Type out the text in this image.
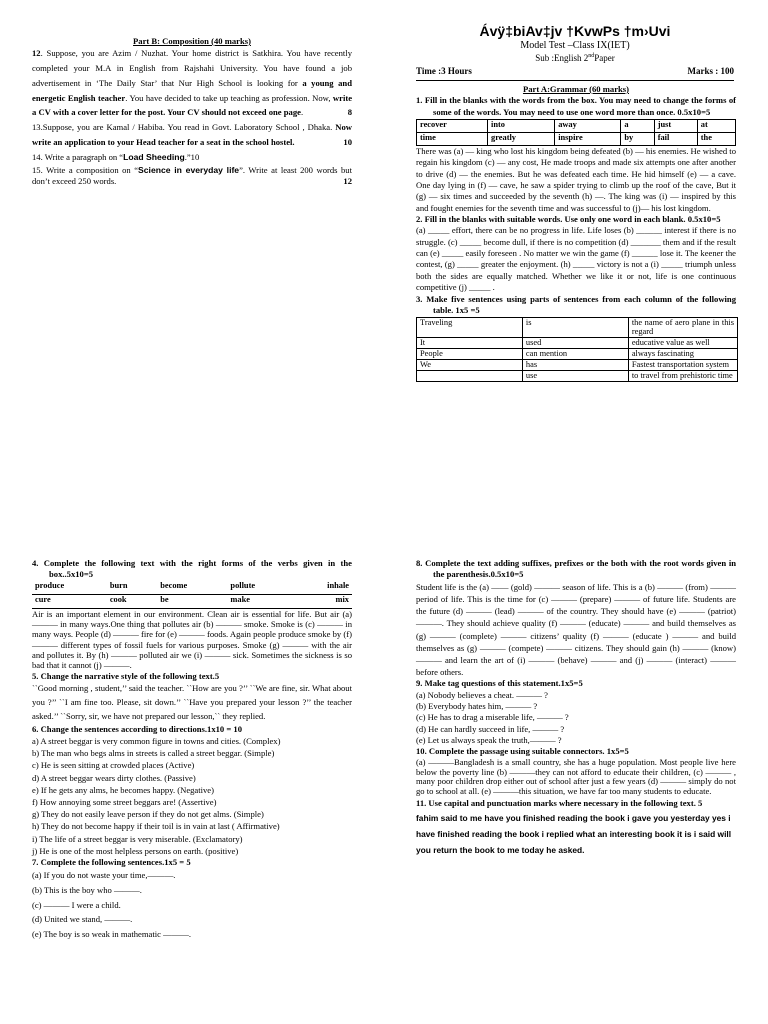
Ávÿ‡biAv‡jv †KvwPs †m›Uvi
Model Test –Class IX(IET)
Sub :English 2ndPaper
Time :3 Hours	Marks : 100
Part A:Grammar (60 marks)

1. Fill in the blanks with the words from the box. You may need to change the forms of some of the words. You may need to use one word more than once. 0.5x10=5

recover	into	away	a	just	at
time	greatly	inspire	by	fail	the

There was (a) — king who lost his kingdom being defeated (b) — his enemies. He wished to regain his kingdom (c) — any cost, He made troops and made six attempts one after another to drive (d) — the enemies. But he was defeated each time. He hid himself (e) — a cave. One day lying in (f) — cave, he saw a spider trying to climb up the roof of the cave, But it (g) — six times and succeeded by the seventh (h) —. The king was (i) — inspired by this and fought enemies for the seventh time and was successful to (j)— his lost kingdom.

2. Fill in the blanks with suitable words. Use only one word in each blank. 0.5x10=5

(a) _____ effort, there can be no progress in life. Life loses (b) ______ interest if there is no struggle. (c) _____ become dull, if there is no competition (d) _______ them and if the result can (e) _____ easily foreseen . No matter we win the game (f) ______ lose it. The keener the contest, (g) _____ greater the enjoyment. (h) _____ victory is not a (i) _____ triumph unless both the sides are equally matched. Whether we like it or not, life is one continuous competitive (j) _____ .

3. Make five sentences using parts of sentences from each column of the following table. 1x5 =5

Traveling	is	the name of aero plane in this regard
It	used	educative value as well
People	can mention	always fascinating
We	has	Fastest transportation system
	use	to travel from prehistoric time
Part B: Composition (40 marks)

12. Suppose, you are Azim / Nuzhat. Your home district is Satkhira. You have recently completed your M.A in English from Rajshahi University. You have found a job advertisement in ‘The Daily Star’ that Nur High School is looking for a young and energetic English teacher. You have decided to take up teaching as profession. Now, write a CV with a cover letter for the post. Your CV should not exceed one page.	8

13.Suppose, you are Kamal / Habiba. You read in Govt. Laboratory School , Dhaka. Now write an application to your Head teacher for a seat in the school hostel.	10

14. Write a paragraph on “Load Sheeding.”10

15. Write a composition on “Science in everyday life”. Write at least 200 words but don’t exceed 250 words.	12

4. Complete the following text with the right forms of the verbs given in the box..5x10=5

produce	burn	become	pollute	inhale
cure	cook	be	make	mix

Air is an important element in our environment. Clean air is essential for life. But air (a) ——— in many ways.One thing that pollutes air (b) ——— smoke. Smoke is (c) ——— in many ways. People (d) ——— fire for (e) ——— foods. Again people produce smoke by (f) ——— different types of fossil fuels for various purposes. Smoke (g) ——— with the air and pollutes it. By (h) ——— polluted air we (i) ——— sick. Sometimes the sickness is so bad that it cannot (j) ———.

5. Change the narrative style of the following text.5

``Good morning , student,’’ said the teacher. ``How are you ?’’ ``We are fine, sir. What about you ?’’ ``I am fine too. Please, sit down.’’ ``Have you prepared your lesson ?’’ the teacher asked.’’ ``Sorry, sir, we have not prepared our lesson,`` they replied.

6. Change the sentences according to directions.1x10 = 10

a) A street beggar is very common figure in towns and cities. (Complex)
b) The man who begs alms in streets is called a street beggar. (Simple)
c) He is seen sitting at crowded places (Active)
d) A street beggar wears dirty clothes. (Passive)
e) If he gets any alms, he becomes happy. (Negative)
f) How annoying some street beggars are! (Assertive)
g) They do not easily leave person if they do not get alms. (Simple)
h) They do not become happy if their toil is in vain at last ( Affirmative)
i) The life of a street beggar is very miserable. (Exclamatory)
j) He is one of the most helpless persons on earth. (positive)

7. Complete the following sentences.1x5 = 5

(a) If you do not waste your time,———.
(b) This is the boy who ———.
(c) ——— I were a child.
(d) United we stand, ———.
(e) The boy is so weak in mathematic ———.

8. Complete the text adding suffixes, prefixes or the both with the root words given in the parenthesis.0.5x10=5

Student life is the (a) —— (gold) ——— season of life. This is a (b) ——— (from) ——— period of life. This is the time for (c) ——— (prepare) ——— of future life. Students are the future (d) ——— (lead) ——— of the country. They should have (e) ——— (patriot) ———. They should achieve quality (f) ——— (educate) ——— and build themselves as (g) ——— (complete) ——— citizens’ quality (f) ——— (educate ) ——— and build themselves as (g) ——— (compete) ——— citizens. They should gain (h) ——— (know) ——— and learn the art of (i) ——— (behave) ——— and (j) ——— (interact) ——— before others.

9. Make tag questions of this statement.1x5=5

(a) Nobody believes a cheat. ——— ?
(b) Everybody hates him, ——— ?
(c) He has to drag a miserable life, ——— ?
(d) He can hardly succeed in life, ——— ?
(e) Let us always speak the truth,——— ?

10. Complete the passage using suitable connectors. 1x5=5

(a) ———Bangladesh is a small country, she has a huge population. Most people live here below the poverty line (b) ———they can not afford to educate their children, (c) ——— , many poor children drop either out of school after just a few years (d) ——— simply do not go to school at all. (e) ———this situation, we have far too many students to educate.

11. Use capital and punctuation marks where necessary in the following text. 5

fahim said to me have you finished reading the book i gave you yesterday yes i have finished reading the book i replied what an interesting book it is i said will you return the book to me today he asked.
